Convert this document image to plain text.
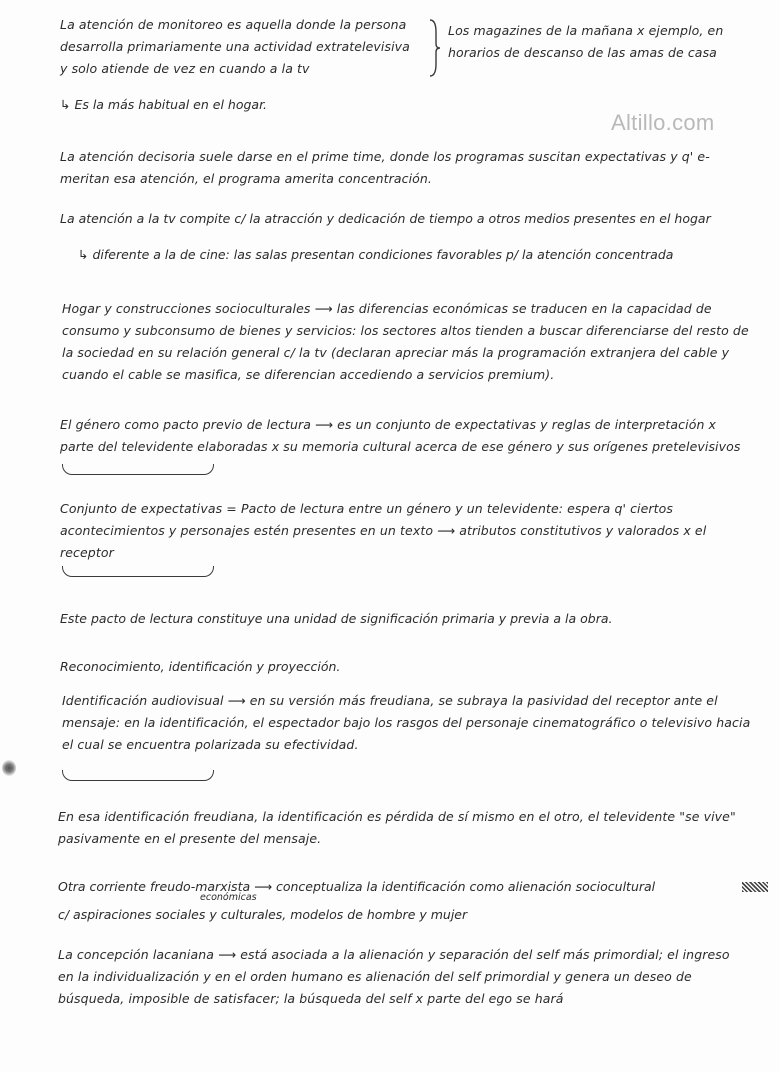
Altillo.com

La atención de monitoreo es aquella donde la persona desarrolla primariamente una actividad extratelevisiva y solo atiende de vez en cuando a la tv

Los magazines de la mañana x ejemplo, en horarios de descanso de las amas de casa

↳ Es la más habitual en el hogar.

La atención decisoria suele darse en el prime time, donde los programas suscitan expectativas y q' e-meritan esa atención, el programa amerita concentración.

La atención a la tv compite c/ la atracción y dedicación de tiempo a otros medios presentes en el hogar

↳ diferente a la de cine: las salas presentan condiciones favorables p/ la atención concentrada

Hogar y construcciones socioculturales ⟶ las diferencias económicas se traducen en la capacidad de consumo y subconsumo de bienes y servicios: los sectores altos tienden a buscar diferenciarse del resto de la sociedad en su relación general c/ la tv (declaran apreciar más la programación extranjera del cable y cuando el cable se masifica, se diferencian accediendo a servicios premium).

El género como pacto previo de lectura ⟶ es un conjunto de expectativas y reglas de interpretación x parte del televidente elaboradas x su memoria cultural acerca de ese género y sus orígenes pretelevisivos

Conjunto de expectativas = Pacto de lectura entre un género y un televidente: espera q' ciertos acontecimientos y personajes estén presentes en un texto ⟶ atributos constitutivos y valorados x el receptor

Este pacto de lectura constituye una unidad de significación primaria y previa a la obra.

Reconocimiento, identificación y proyección.

Identificación audiovisual ⟶ en su versión más freudiana, se subraya la pasividad del receptor ante el mensaje: en la identificación, el espectador bajo los rasgos del personaje cinematográfico o televisivo hacia el cual se encuentra polarizada su efectividad.

En esa identificación freudiana, la identificación es pérdida de sí mismo en el otro, el televidente "se vive" pasivamente en el presente del mensaje.

Otra corriente freudo-marxista ⟶ conceptualiza la identificación como alienación sociocultural

económicas

c/ aspiraciones sociales y culturales, modelos de hombre y mujer

La concepción lacaniana ⟶ está asociada a la alienación y separación del self más primordial; el ingreso en la individualización y en el orden humano es alienación del self primordial y genera un deseo de búsqueda, imposible de satisfacer; la búsqueda del self x parte del ego se hará
